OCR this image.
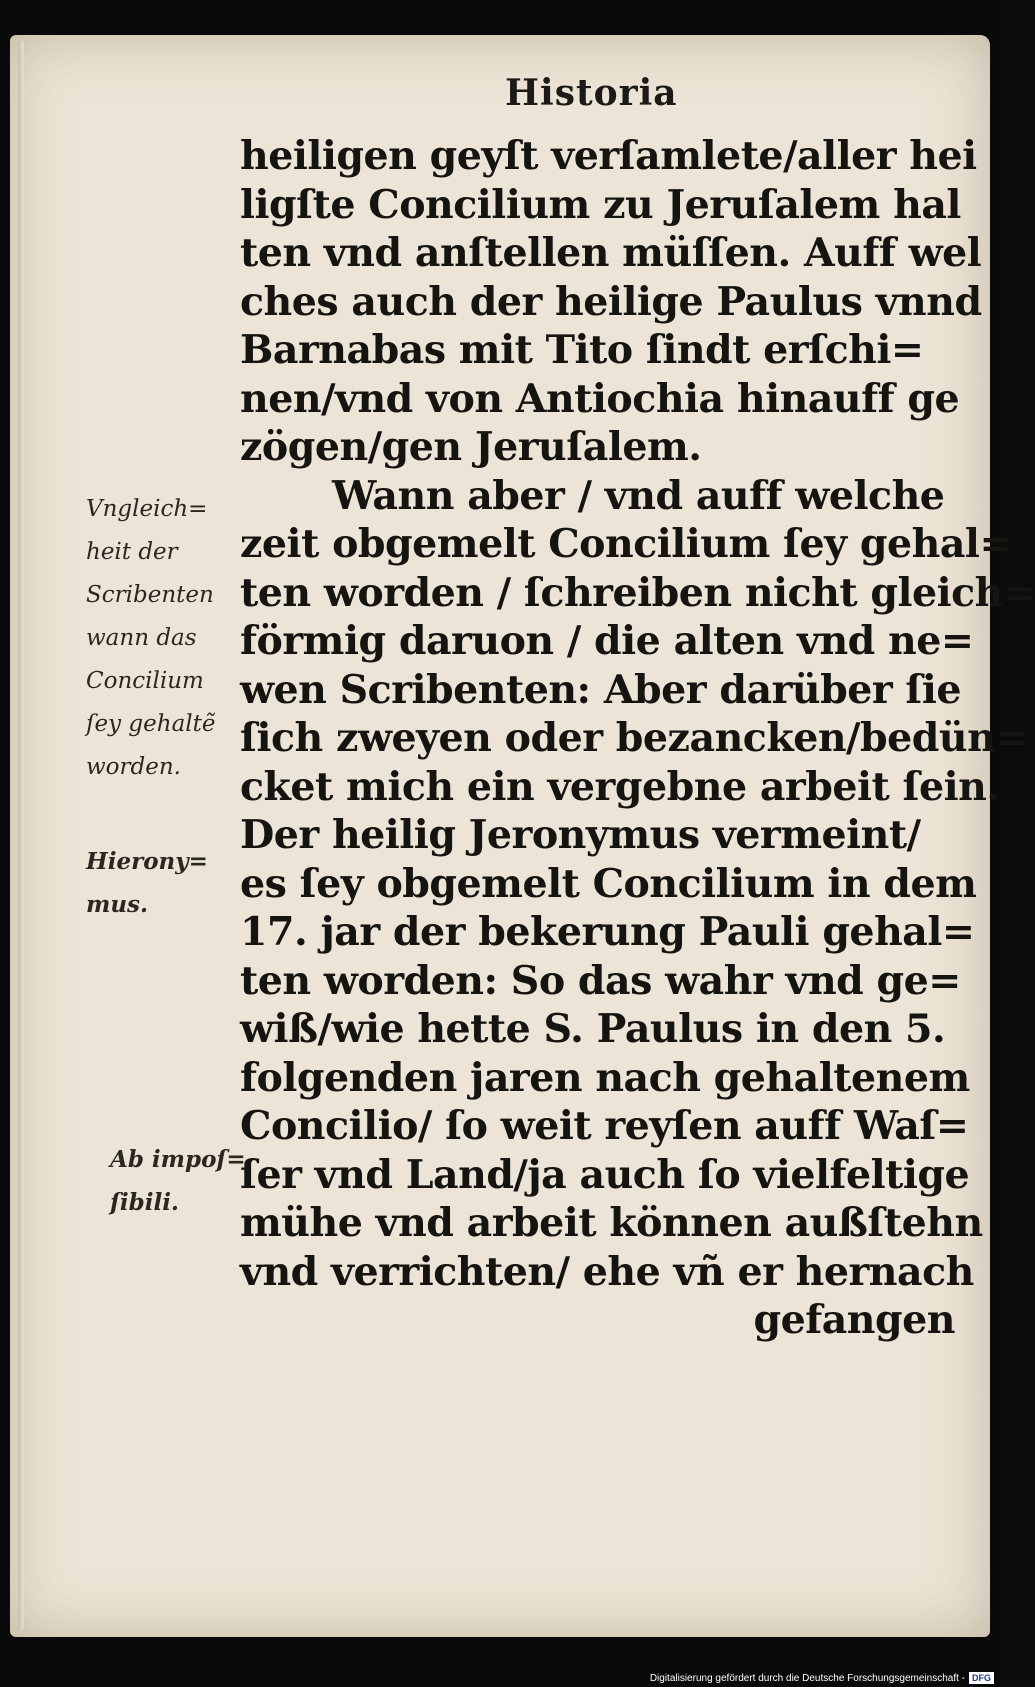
Historia
heiligen geyſt verſamlete/aller hei
ligſte Concilium zu Jeruſalem hal
ten vnd anſtellen müſſen. Auff wel
ches auch der heilige Paulus vnnd
Barnabas mit Tito ſindt erſchi=
nen/vnd von Antiochia hinauff ge
zögen/gen Jeruſalem.
Wann aber / vnd auff welche
zeit obgemelt Concilium ſey gehal=
ten worden / ſchreiben nicht gleich=
förmig daruon / die alten vnd ne=
wen Scribenten: Aber darüber ſie
ſich zweyen oder bezancken/bedün=
cket mich ein vergebne arbeit ſein.
Der heilig Jeronymus vermeint/
es ſey obgemelt Concilium in dem
17. jar der bekerung Pauli gehal=
ten worden: So das wahr vnd ge=
wiß/wie hette S. Paulus in den 5.
folgenden jaren nach gehaltenem
Concilio/ ſo weit reyſen auff Waſ=
ſer vnd Land/ja auch ſo vielfeltige
mühe vnd arbeit können außſtehn
vnd verrichten/ ehe vñ er hernach
gefangen
Vngleich=
heit der
Scribenten
wann das
Concilium
ſey gehaltẽ
worden.
Hierony=
mus.
Ab impoſ=
ſibili.
Digitalisierung gefördert durch die Deutsche Forschungsgemeinschaft - DFG
